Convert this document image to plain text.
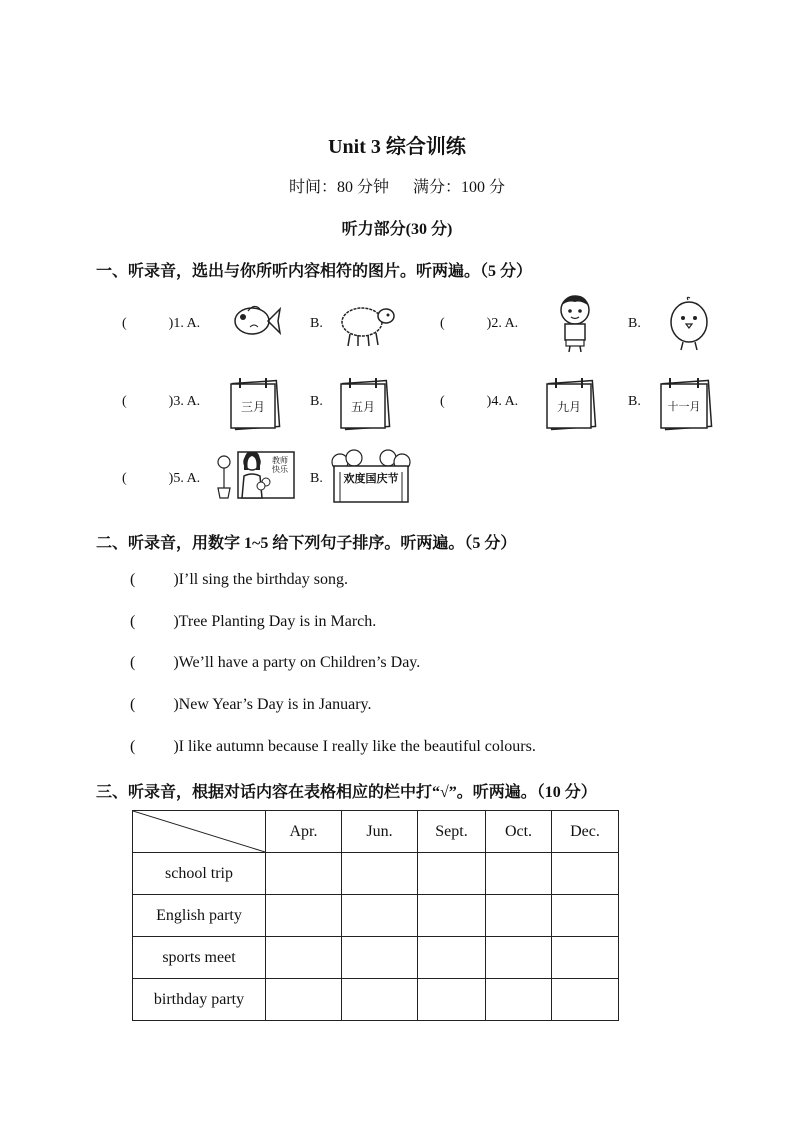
Unit 3 综合训练
时间：80 分钟 满分：100 分
听力部分(30 分)
一、听录音，选出与你所听内容相符的图片。听两遍。（5 分）
(	)1. A.	B.	(	)2. A.	B.
(	)3. A.	三月	B.	五月	(	)4. A.	九月	B.	十一月
(	)5. A.
教师快乐
B. 欢度国庆节
二、听录音，用数字 1~5 给下列句子排序。听两遍。（5 分）
( )I’ll sing the birthday song.
( )Tree Planting Day is in March.
( )We’ll have a party on Children’s Day.
( )New Year’s Day is in January.
( )I like autumn because I really like the beautiful colours.
三、听录音，根据对话内容在表格相应的栏中打“√”。听两遍。（10 分）
	Apr.	Jun.	Sept.	Oct.	Dec.
school trip					
English party					
sports meet					
birthday party					
